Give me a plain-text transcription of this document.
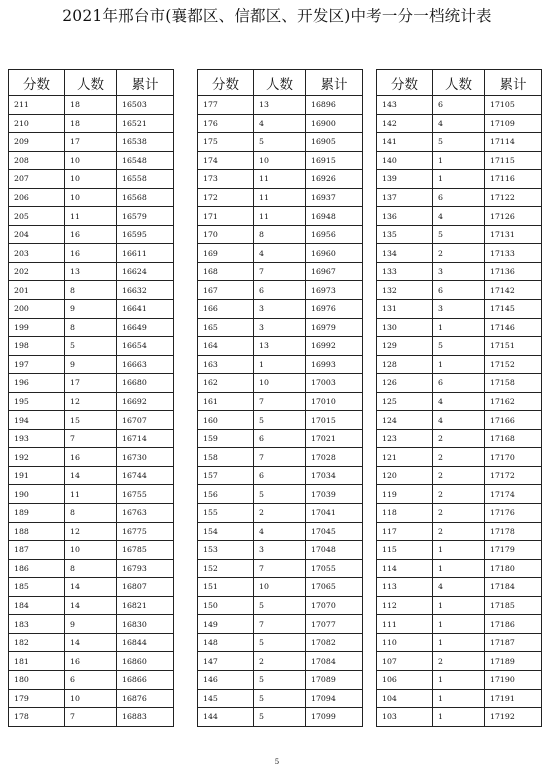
2021年邢台市(襄都区、信都区、开发区)中考一分一档统计表
分数	人数	累计
211	18	16503
210	18	16521
209	17	16538
208	10	16548
207	10	16558
206	10	16568
205	11	16579
204	16	16595
203	16	16611
202	13	16624
201	8	16632
200	9	16641
199	8	16649
198	5	16654
197	9	16663
196	17	16680
195	12	16692
194	15	16707
193	7	16714
192	16	16730
191	14	16744
190	11	16755
189	8	16763
188	12	16775
187	10	16785
186	8	16793
185	14	16807
184	14	16821
183	9	16830
182	14	16844
181	16	16860
180	6	16866
179	10	16876
178	7	16883
分数	人数	累计
177	13	16896
176	4	16900
175	5	16905
174	10	16915
173	11	16926
172	11	16937
171	11	16948
170	8	16956
169	4	16960
168	7	16967
167	6	16973
166	3	16976
165	3	16979
164	13	16992
163	1	16993
162	10	17003
161	7	17010
160	5	17015
159	6	17021
158	7	17028
157	6	17034
156	5	17039
155	2	17041
154	4	17045
153	3	17048
152	7	17055
151	10	17065
150	5	17070
149	7	17077
148	5	17082
147	2	17084
146	5	17089
145	5	17094
144	5	17099
分数	人数	累计
143	6	17105
142	4	17109
141	5	17114
140	1	17115
139	1	17116
137	6	17122
136	4	17126
135	5	17131
134	2	17133
133	3	17136
132	6	17142
131	3	17145
130	1	17146
129	5	17151
128	1	17152
126	6	17158
125	4	17162
124	4	17166
123	2	17168
121	2	17170
120	2	17172
119	2	17174
118	2	17176
117	2	17178
115	1	17179
114	1	17180
113	4	17184
112	1	17185
111	1	17186
110	1	17187
107	2	17189
106	1	17190
104	1	17191
103	1	17192
5
